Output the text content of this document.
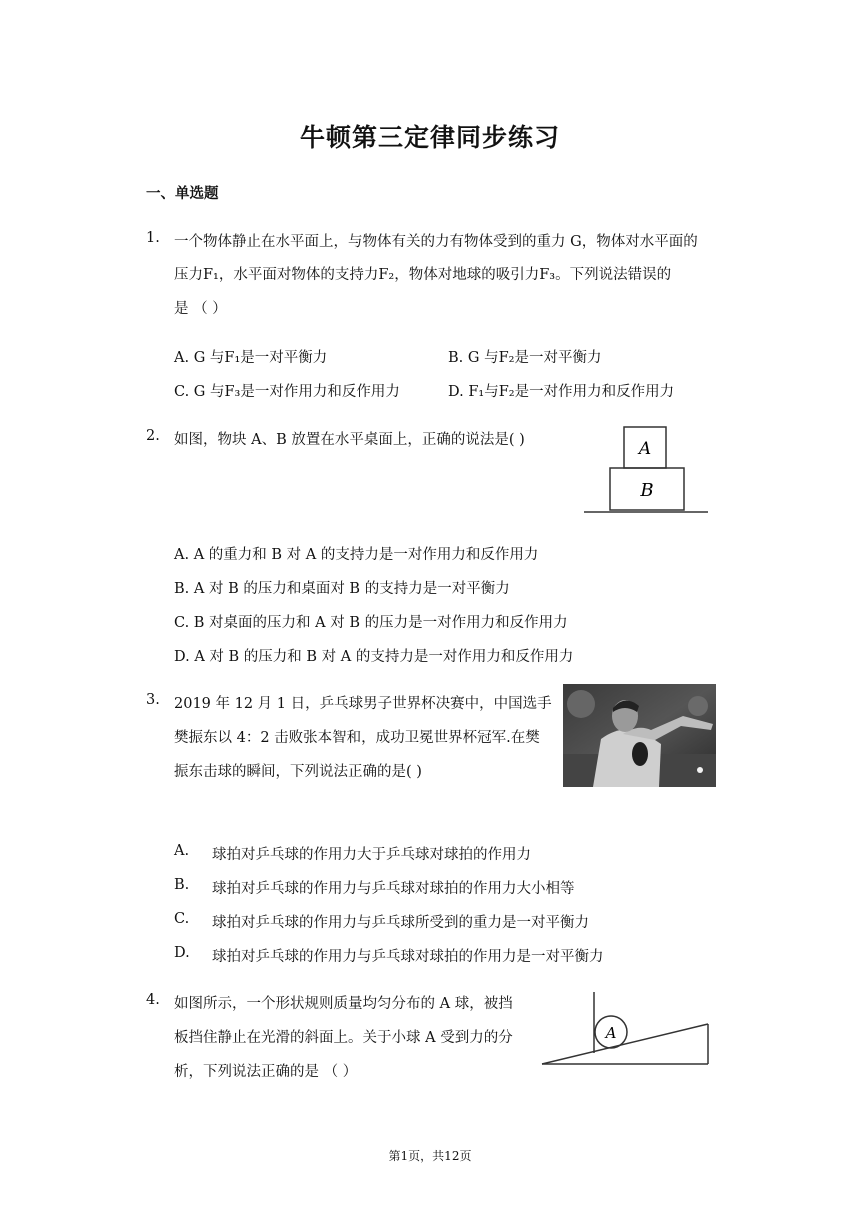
牛顿第三定律同步练习
一、单选题
1. 一个物体静止在水平面上，与物体有关的力有物体受到的重力 G，物体对水平面的
压力F₁，水平面对物体的支持力F₂，物体对地球的吸引力F₃。下列说法错误的
是 （ ）
A. G 与F₁是一对平衡力	B. G 与F₂是一对平衡力
C. G 与F₃是一对作用力和反作用力	D. F₁与F₂是一对作用力和反作用力
2. 如图，物块 A、B 放置在水平桌面上，正确的说法是( )	A
B
A. A 的重力和 B 对 A 的支持力是一对作用力和反作用力
B. A 对 B 的压力和桌面对 B 的支持力是一对平衡力
C. B 对桌面的压力和 A 对 B 的压力是一对作用力和反作用力
D. A 对 B 的压力和 B 对 A 的支持力是一对作用力和反作用力
3. 2019 年 12 月 1 日，乒乓球男子世界杯决赛中，中国选手
樊振东以 4：2 击败张本智和，成功卫冕世界杯冠军.在樊
振东击球的瞬间，下列说法正确的是( )
A. 球拍对乒乓球的作用力大于乒乓球对球拍的作用力
B. 球拍对乒乓球的作用力与乒乓球对球拍的作用力大小相等
C. 球拍对乒乓球的作用力与乒乓球所受到的重力是一对平衡力
D. 球拍对乒乓球的作用力与乒乓球对球拍的作用力是一对平衡力
4. 如图所示，一个形状规则质量均匀分布的 A 球，被挡
板挡住静止在光滑的斜面上。关于小球 A 受到力的分
析，下列说法正确的是 （ ）
A
第1页，共12页
